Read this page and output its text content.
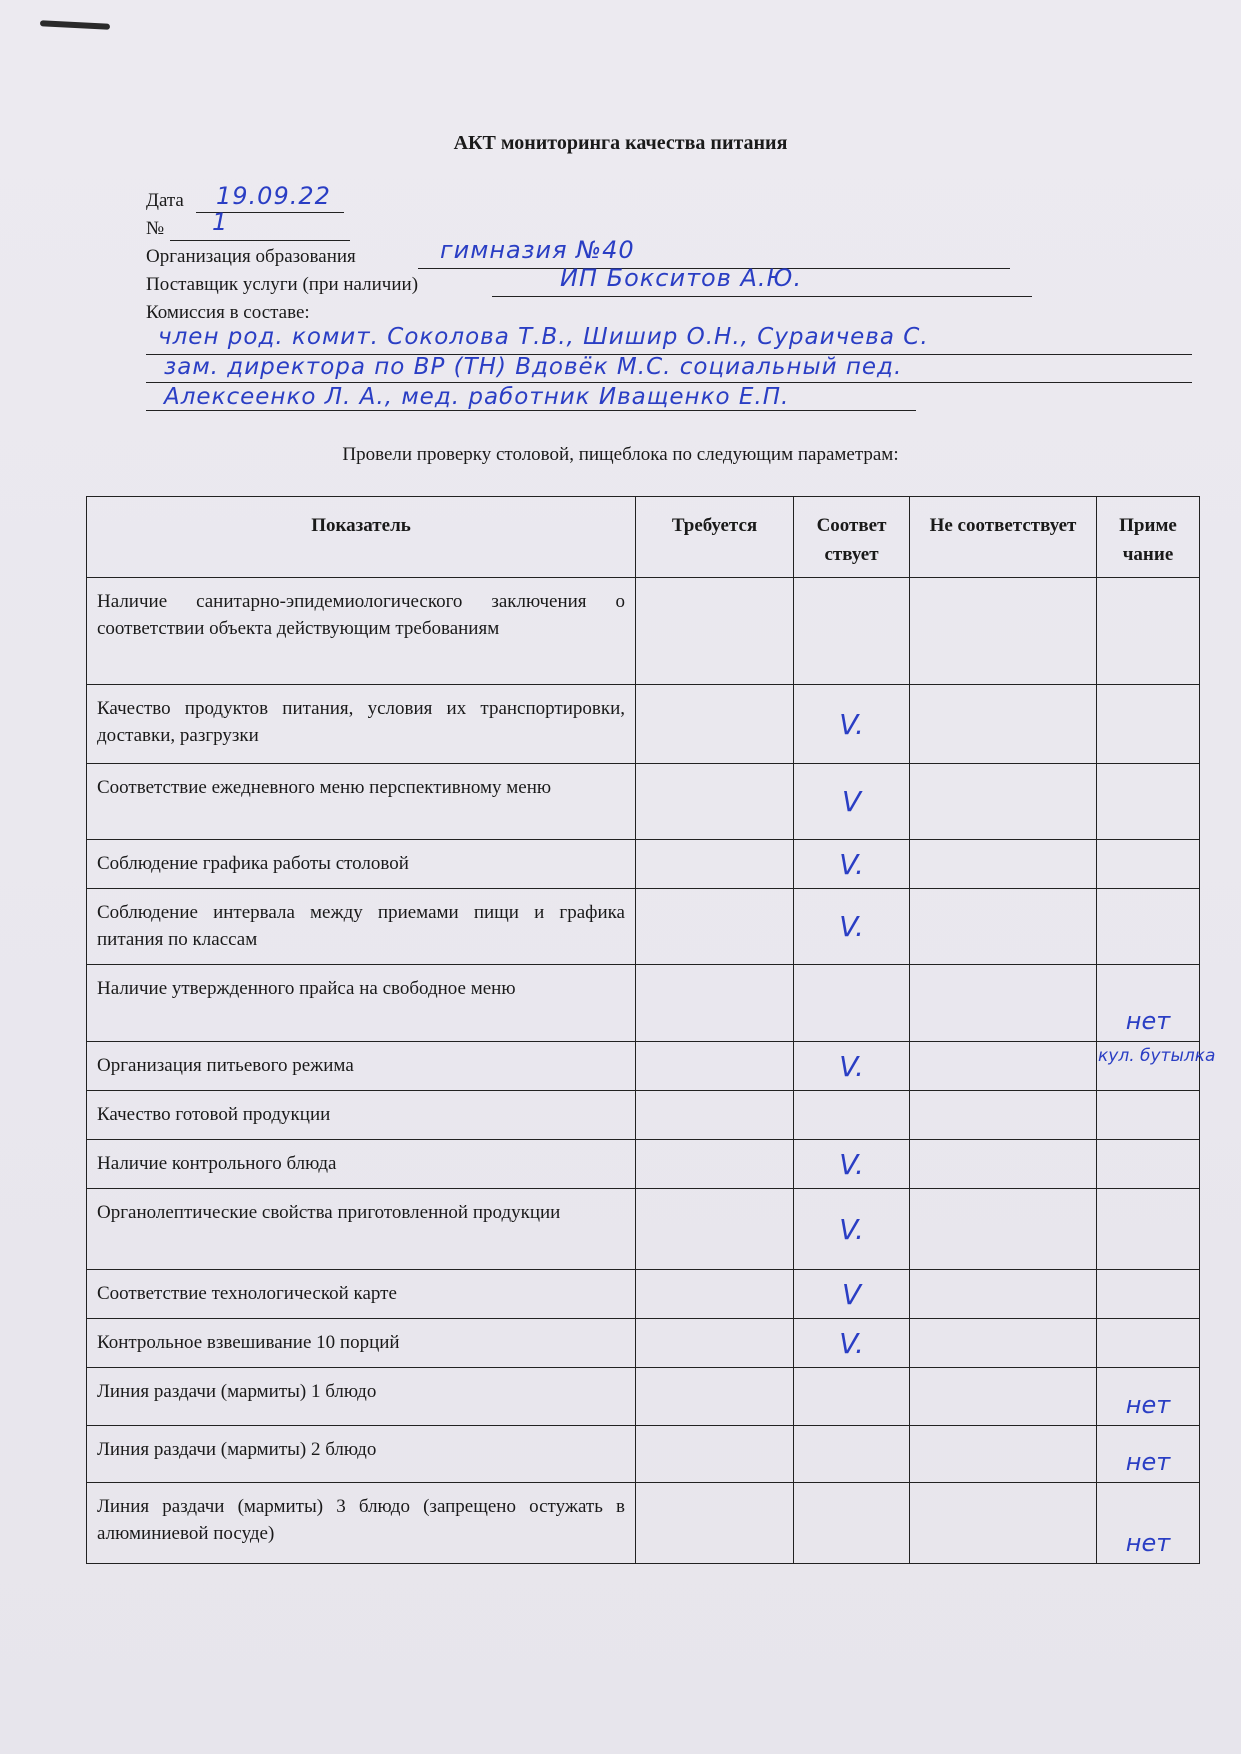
АКТ мониторинга качества питания
Дата 19.09.22
№ 1
Организация образования	гимназия №40
Поставщик услуги (при наличии)	ИП Бокситов А.Ю.
Комиссия в составе:
член род. комит. Соколова Т.В., Шишир О.Н., Сураичева С.
зам. директора по ВР (ТН) Вдовёк М.С. социальный пед.
Алексеенко Л. А., мед. работник Иващенко Е.П.
Провели проверку столовой, пищеблока по следующим параметрам:
Показатель	Требуется	Соответ ствует	Не соответствует	Приме чание
Наличие санитарно-эпидемиологического заключения о соответствии объекта действующим требованиям				
Качество продуктов питания, условия их транспортировки, доставки, разгрузки		V.		
Соответствие ежедневного меню перспективному меню		V		
Соблюдение графика работы столовой		V.		
Соблюдение интервала между приемами пищи и графика питания по классам		V.		
Наличие утвержденного прайса на свободное меню				нет
Организация питьевого режима		V.		кул. бутылка
Качество готовой продукции				
Наличие контрольного блюда		V.		
Органолептические свойства приготовленной продукции		V.		
Соответствие технологической карте		V		
Контрольное взвешивание 10 порций		V.		
Линия раздачи (мармиты) 1 блюдо				нет
Линия раздачи (мармиты) 2 блюдо				нет
Линия раздачи (мармиты) 3 блюдо (запрещено остужать в алюминиевой посуде)				нет
